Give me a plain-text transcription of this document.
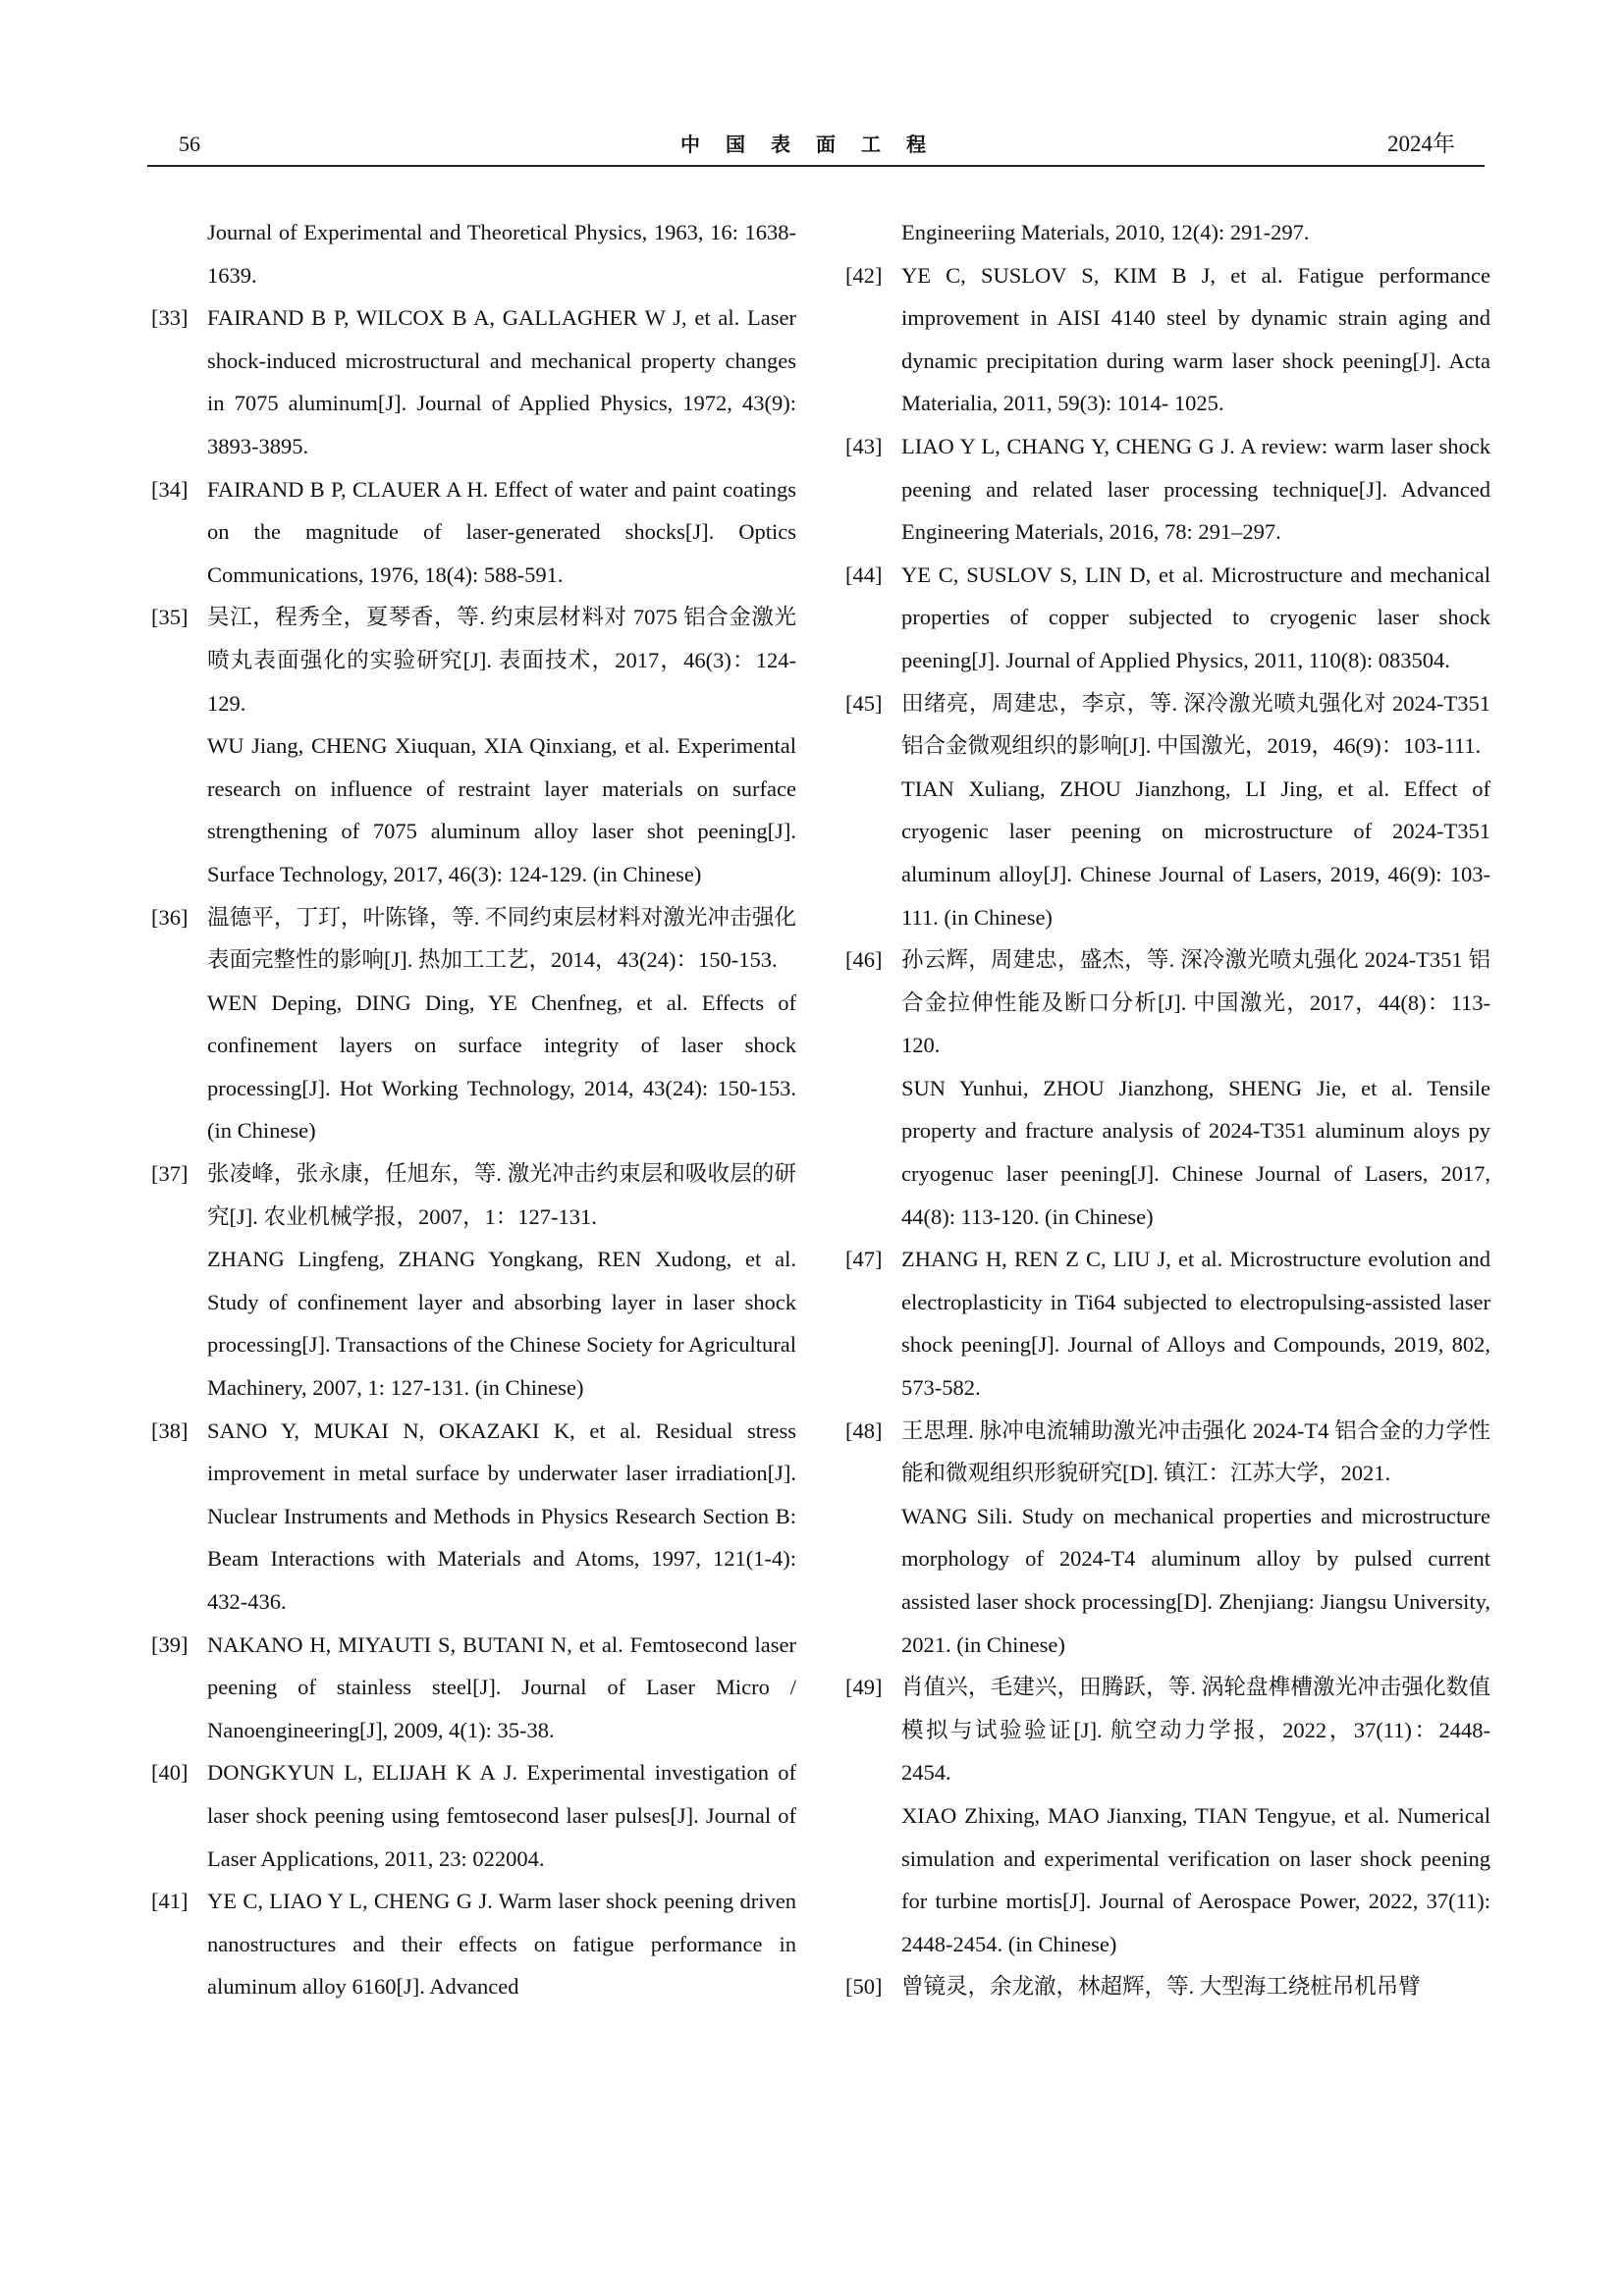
56	中国表面工程	2024年
Journal of Experimental and Theoretical Physics, 1963, 16: 1638-1639.
[33] FAIRAND B P, WILCOX B A, GALLAGHER W J, et al. Laser shock-induced microstructural and mechanical property changes in 7075 aluminum[J]. Journal of Applied Physics, 1972, 43(9): 3893-3895.
[34] FAIRAND B P, CLAUER A H. Effect of water and paint coatings on the magnitude of laser-generated shocks[J]. Optics Communications, 1976, 18(4): 588-591.
[35] 吴江，程秀全，夏琴香，等. 约束层材料对 7075 铝合金激光喷丸表面强化的实验研究[J]. 表面技术，2017，46(3)：124-129.
WU Jiang, CHENG Xiuquan, XIA Qinxiang, et al. Experimental research on influence of restraint layer materials on surface strengthening of 7075 aluminum alloy laser shot peening[J]. Surface Technology, 2017, 46(3): 124-129. (in Chinese)
[36] 温德平，丁玎，叶陈锋，等. 不同约束层材料对激光冲击强化表面完整性的影响[J]. 热加工工艺，2014，43(24)：150-153.
WEN Deping, DING Ding, YE Chenfneg, et al. Effects of confinement layers on surface integrity of laser shock processing[J]. Hot Working Technology, 2014, 43(24): 150-153. (in Chinese)
[37] 张凌峰，张永康，任旭东，等. 激光冲击约束层和吸收层的研究[J]. 农业机械学报，2007，1：127-131.
ZHANG Lingfeng, ZHANG Yongkang, REN Xudong, et al. Study of confinement layer and absorbing layer in laser shock processing[J]. Transactions of the Chinese Society for Agricultural Machinery, 2007, 1: 127-131. (in Chinese)
[38] SANO Y, MUKAI N, OKAZAKI K, et al. Residual stress improvement in metal surface by underwater laser irradiation[J]. Nuclear Instruments and Methods in Physics Research Section B: Beam Interactions with Materials and Atoms, 1997, 121(1-4): 432-436.
[39] NAKANO H, MIYAUTI S, BUTANI N, et al. Femtosecond laser peening of stainless steel[J]. Journal of Laser Micro / Nanoengineering[J], 2009, 4(1): 35-38.
[40] DONGKYUN L, ELIJAH K A J. Experimental investigation of laser shock peening using femtosecond laser pulses[J]. Journal of Laser Applications, 2011, 23: 022004.
[41] YE C, LIAO Y L, CHENG G J. Warm laser shock peening driven nanostructures and their effects on fatigue performance in aluminum alloy 6160[J]. Advanced
Engineeriing Materials, 2010, 12(4): 291-297.
[42] YE C, SUSLOV S, KIM B J, et al. Fatigue performance improvement in AISI 4140 steel by dynamic strain aging and dynamic precipitation during warm laser shock peening[J]. Acta Materialia, 2011, 59(3): 1014- 1025.
[43] LIAO Y L, CHANG Y, CHENG G J. A review: warm laser shock peening and related laser processing technique[J]. Advanced Engineering Materials, 2016, 78: 291–297.
[44] YE C, SUSLOV S, LIN D, et al. Microstructure and mechanical properties of copper subjected to cryogenic laser shock peening[J]. Journal of Applied Physics, 2011, 110(8): 083504.
[45] 田绪亮，周建忠，李京，等. 深冷激光喷丸强化对 2024-T351 铝合金微观组织的影响[J]. 中国激光，2019，46(9)：103-111.
TIAN Xuliang, ZHOU Jianzhong, LI Jing, et al. Effect of cryogenic laser peening on microstructure of 2024-T351 aluminum alloy[J]. Chinese Journal of Lasers, 2019, 46(9): 103-111. (in Chinese)
[46] 孙云辉，周建忠，盛杰，等. 深冷激光喷丸强化 2024-T351 铝合金拉伸性能及断口分析[J]. 中国激光，2017，44(8)：113-120.
SUN Yunhui, ZHOU Jianzhong, SHENG Jie, et al. Tensile property and fracture analysis of 2024-T351 aluminum aloys py cryogenuc laser peening[J]. Chinese Journal of Lasers, 2017, 44(8): 113-120. (in Chinese)
[47] ZHANG H, REN Z C, LIU J, et al. Microstructure evolution and electroplasticity in Ti64 subjected to electropulsing-assisted laser shock peening[J]. Journal of Alloys and Compounds, 2019, 802, 573-582.
[48] 王思理. 脉冲电流辅助激光冲击强化 2024-T4 铝合金的力学性能和微观组织形貌研究[D]. 镇江：江苏大学，2021.
WANG Sili. Study on mechanical properties and microstructure morphology of 2024-T4 aluminum alloy by pulsed current assisted laser shock processing[D]. Zhenjiang: Jiangsu University, 2021. (in Chinese)
[49] 肖值兴，毛建兴，田腾跃，等. 涡轮盘榫槽激光冲击强化数值模拟与试验验证[J]. 航空动力学报，2022，37(11)：2448-2454.
XIAO Zhixing, MAO Jianxing, TIAN Tengyue, et al. Numerical simulation and experimental verification on laser shock peening for turbine mortis[J]. Journal of Aerospace Power, 2022, 37(11): 2448-2454. (in Chinese)
[50] 曾镜灵，余龙澈，林超辉，等. 大型海工绕桩吊机吊臂
